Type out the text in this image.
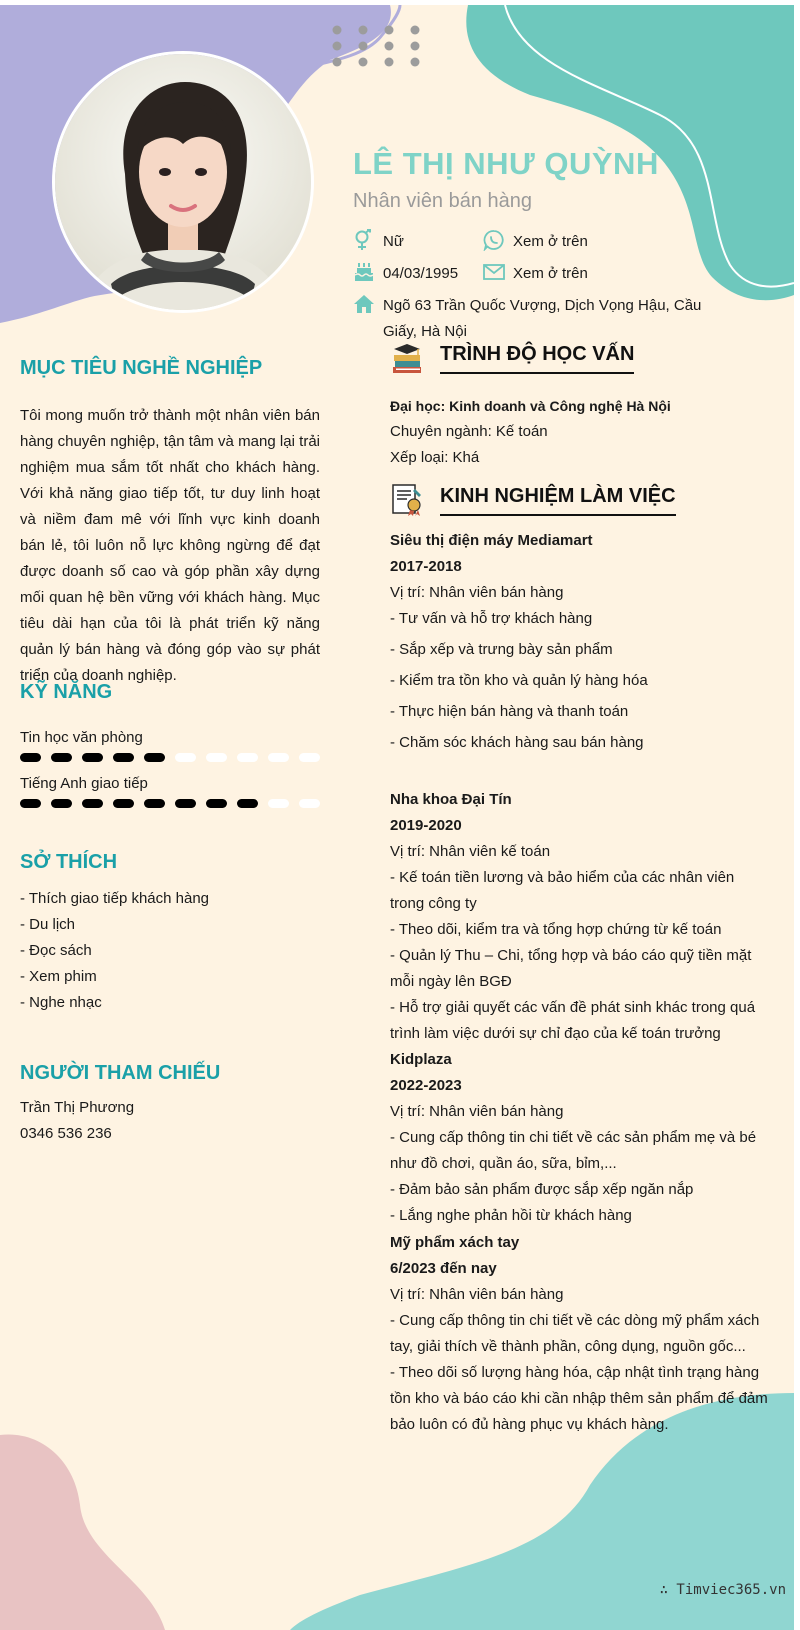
LÊ THỊ NHƯ QUỲNH
Nhân viên bán hàng
Nữ	Xem ở trên
04/03/1995	Xem ở trên
Ngõ 63 Trần Quốc Vượng, Dịch Vọng Hậu, Cầu Giấy, Hà Nội
MỤC TIÊU NGHỀ NGHIỆP
Tôi mong muốn trở thành một nhân viên bán hàng chuyên nghiệp, tận tâm và mang lại trải nghiệm mua sắm tốt nhất cho khách hàng. Với khả năng giao tiếp tốt, tư duy linh hoạt và niềm đam mê với lĩnh vực kinh doanh bán lẻ, tôi luôn nỗ lực không ngừng để đạt được doanh số cao và góp phần xây dựng mối quan hệ bền vững với khách hàng. Mục tiêu dài hạn của tôi là phát triển kỹ năng quản lý bán hàng và đóng góp vào sự phát triển của doanh nghiệp.
KỸ NĂNG
Tin học văn phòng
Tiếng Anh giao tiếp
SỞ THÍCH
- Thích giao tiếp khách hàng
- Du lịch
- Đọc sách
- Xem phim
- Nghe nhạc
NGƯỜI THAM CHIẾU
Trần Thị Phương
0346 536 236
TRÌNH ĐỘ HỌC VẤN
Đại học: Kinh doanh và Công nghệ Hà Nội
Chuyên ngành: Kế toán
Xếp loại: Khá
KINH NGHIỆM LÀM VIỆC
Siêu thị điện máy Mediamart
2017-2018
Vị trí: Nhân viên bán hàng
- Tư vấn và hỗ trợ khách hàng
- Sắp xếp và trưng bày sản phẩm
- Kiểm tra tồn kho và quản lý hàng hóa
- Thực hiện bán hàng và thanh toán
- Chăm sóc khách hàng sau bán hàng
Nha khoa Đại Tín
2019-2020
Vị trí: Nhân viên kế toán
- Kế toán tiền lương và bảo hiểm của các nhân viên trong công ty
- Theo dõi, kiểm tra và tổng hợp chứng từ kế toán
- Quản lý Thu – Chi, tổng hợp và báo cáo quỹ tiền mặt mỗi ngày lên BGĐ
- Hỗ trợ giải quyết các vấn đề phát sinh khác trong quá trình làm việc dưới sự chỉ đạo của kế toán trưởng
Kidplaza
2022-2023
Vị trí: Nhân viên bán hàng
- Cung cấp thông tin chi tiết về các sản phẩm mẹ và bé như đồ chơi, quần áo, sữa, bỉm,...
- Đảm bảo sản phẩm được sắp xếp ngăn nắp
- Lắng nghe phản hồi từ khách hàng
Mỹ phẩm xách tay
6/2023 đến nay
Vị trí: Nhân viên bán hàng
- Cung cấp thông tin chi tiết về các dòng mỹ phẩm xách tay, giải thích về thành phần, công dụng, nguồn gốc...
- Theo dõi số lượng hàng hóa, cập nhật tình trạng hàng tồn kho và báo cáo khi cần nhập thêm sản phẩm để đảm bảo luôn có đủ hàng phục vụ khách hàng.
∴ Timviec365.vn
